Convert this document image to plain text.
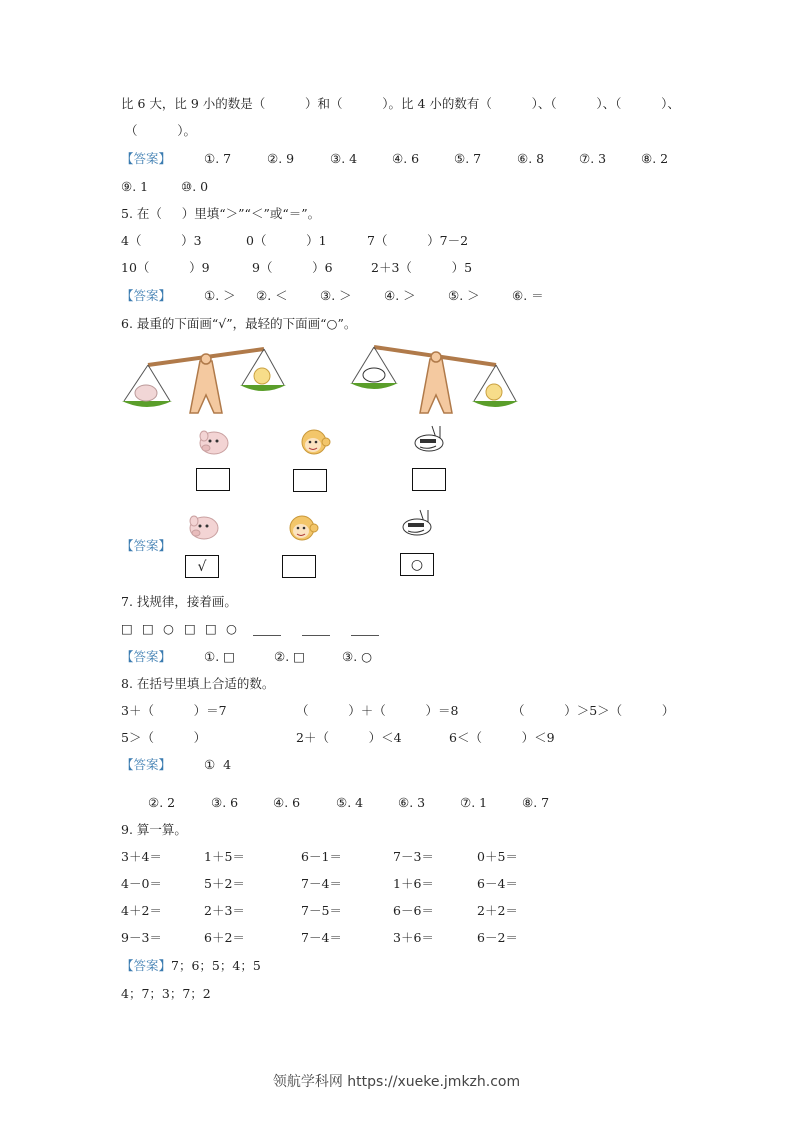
比 6 大，比 9 小的数是（          ）和（          ）。比 4 小的数有（          ）、（          ）、（          ）、
（          ）。
【答案】	①. 7	②. 9	③. 4	④. 6	⑤. 7	⑥. 8	⑦. 3	⑧. 2
⑨. 1	⑩. 0
5. 在（     ）里填“＞”“＜”或“＝”。
4（          ）3	0（          ）1	7（          ）7－2
10（          ）9	9（          ）6	2＋3（          ）5
【答案】	①. ＞ ②. ＜	③. ＞	④. ＞	⑤. ＞	⑥. ＝
6. 最重的下面画“√”，最轻的下面画“○”。
【答案】
√	○
7. 找规律，接着画。
□ □ ○ □ □ ○
【答案】	①. □	②. □	③. ○
8. 在括号里填上合适的数。
3＋（          ）＝7	（          ）＋（          ）＝8	（          ）＞5＞（          ）
5＞（          ）	2＋（          ）＜4	6＜（          ）＜9
【答案】	①  4
②. 2	③. 6	④. 6	⑤. 4	⑥. 3	⑦. 1	⑧. 7
9. 算一算。
3＋4＝	1＋5＝	6－1＝	7－3＝	0＋5＝
4－0＝	5＋2＝	7－4＝	1＋6＝	6－4＝
4＋2＝	2＋3＝	7－5＝	6－6＝	2＋2＝
9－3＝	6＋2＝	7－4＝	3＋6＝	6－2＝
【答案】7；6；5；4；5
4；7；3；7；2
领航学科网 https://xueke.jmkzh.com
